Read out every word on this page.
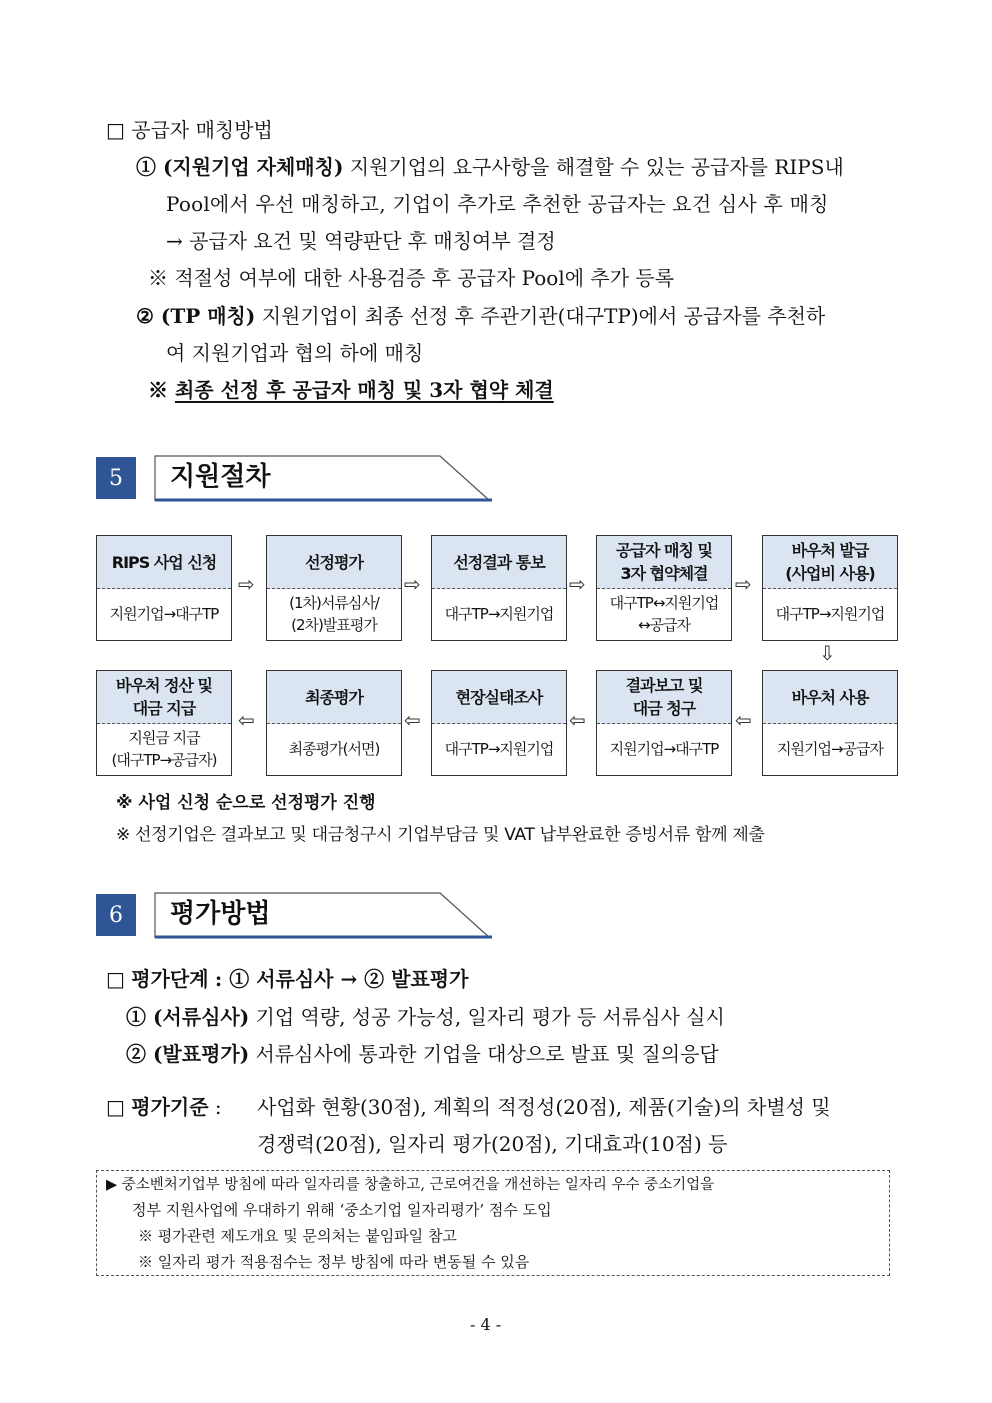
□ 공급자 매칭방법
① (지원기업 자체매칭) 지원기업의 요구사항을 해결할 수 있는 공급자를 RIPS내
Pool에서 우선 매칭하고, 기업이 추가로 추천한 공급자는 요건 심사 후 매칭
→ 공급자 요건 및 역량판단 후 매칭여부 결정
※ 적절성 여부에 대한 사용검증 후 공급자 Pool에 추가 등록
② (TP 매칭) 지원기업이 최종 선정 후 주관기관(대구TP)에서 공급자를 추천하
여 지원기업과 협의 하에 매칭
※ 최종 선정 후 공급자 매칭 및 3자 협약 체결
5	지원절차
RIPS 사업 신청
지원기업→대구TP
⇨
선정평가
(1차)서류심사/
(2차)발표평가
⇨
선정결과 통보
대구TP→지원기업
⇨
공급자 매칭 및
3자 협약체결
대구TP↔지원기업
↔공급자
⇨
바우처 발급
(사업비 사용)
대구TP→지원기업
⇩
바우처 정산 및
대금 지급
지원금 지급
(대구TP→공급자)
⇦
최종평가
최종평가(서면)
⇦
현장실태조사
대구TP→지원기업
⇦
결과보고 및
대금 청구
지원기업→대구TP
⇦
바우처 사용
지원기업→공급자
※ 사업 신청 순으로 선정평가 진행
※ 선정기업은 결과보고 및 대금청구시 기업부담금 및 VAT 납부완료한 증빙서류 함께 제출
6	평가방법
□ 평가단계 : ① 서류심사 → ② 발표평가
① (서류심사) 기업 역량, 성공 가능성, 일자리 평가 등 서류심사 실시
② (발표평가) 서류심사에 통과한 기업을 대상으로 발표 및 질의응답
□ 평가기준 : 사업화 현황(30점), 계획의 적정성(20점), 제품(기술)의 차별성 및
경쟁력(20점), 일자리 평가(20점), 기대효과(10점) 등
▶ 중소벤처기업부 방침에 따라 일자리를 창출하고, 근로여건을 개선하는 일자리 우수 중소기업을
정부 지원사업에 우대하기 위해 ‘중소기업 일자리평가’ 점수 도입
※ 평가관련 제도개요 및 문의처는 붙임파일 참고
※ 일자리 평가 적용점수는 정부 방침에 따라 변동될 수 있음
- 4 -
